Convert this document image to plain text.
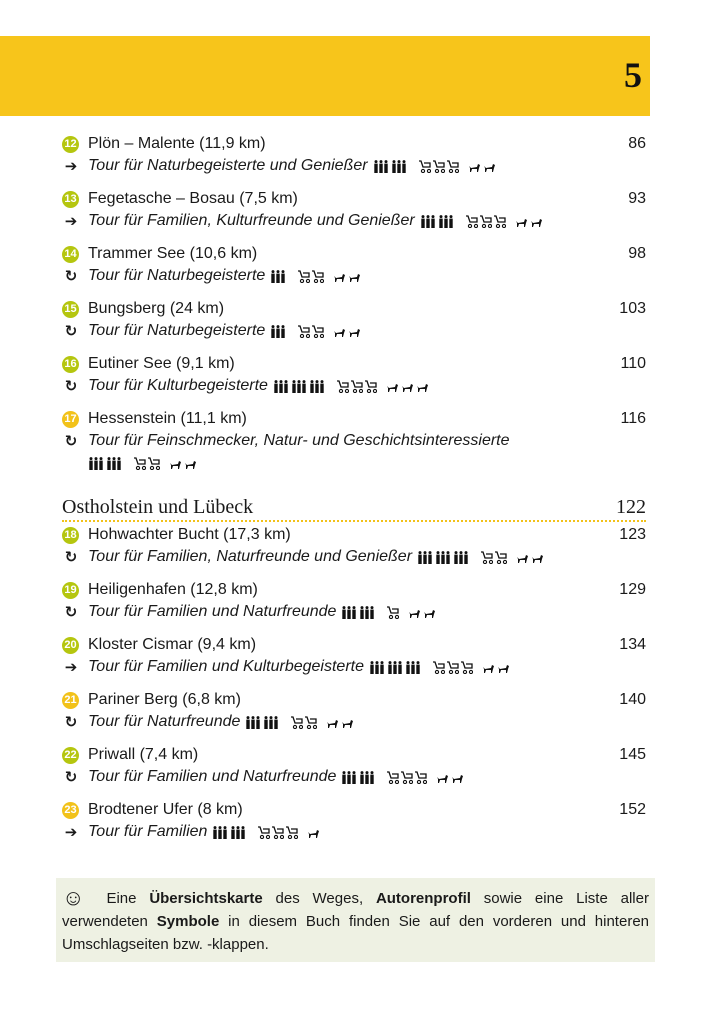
5
12 Plön – Malente (11,9 km)	86
➔ Tour für Naturbegeisterte und Genießer
13 Fegetasche – Bosau (7,5 km)	93
➔ Tour für Familien, Kulturfreunde und Genießer
14 Trammer See (10,6 km)	98
↻ Tour für Naturbegeisterte
15 Bungsberg (24 km)	103
↻ Tour für Naturbegeisterte
16 Eutiner See (9,1 km)	110
↻ Tour für Kulturbegeisterte
17 Hessenstein (11,1 km)	116
↻ Tour für Feinschmecker, Natur- und Geschichtsinteressierte
Ostholstein und Lübeck	122
18 Hohwachter Bucht (17,3 km)	123
↻ Tour für Familien, Naturfreunde und Genießer
19 Heiligenhafen (12,8 km)	129
↻ Tour für Familien und Naturfreunde
20 Kloster Cismar (9,4 km)	134
➔ Tour für Familien und Kulturbegeisterte
21 Pariner Berg (6,8 km)	140
↻ Tour für Naturfreunde
22 Priwall (7,4 km)	145
↻ Tour für Familien und Naturfreunde
23 Brodtener Ufer (8 km)	152
➔ Tour für Familien
☺ Eine Übersichtskarte des Weges, Autorenprofil sowie eine Liste aller verwendeten Symbole in diesem Buch finden Sie auf den vorderen und hinteren Umschlagseiten bzw. -klappen.
